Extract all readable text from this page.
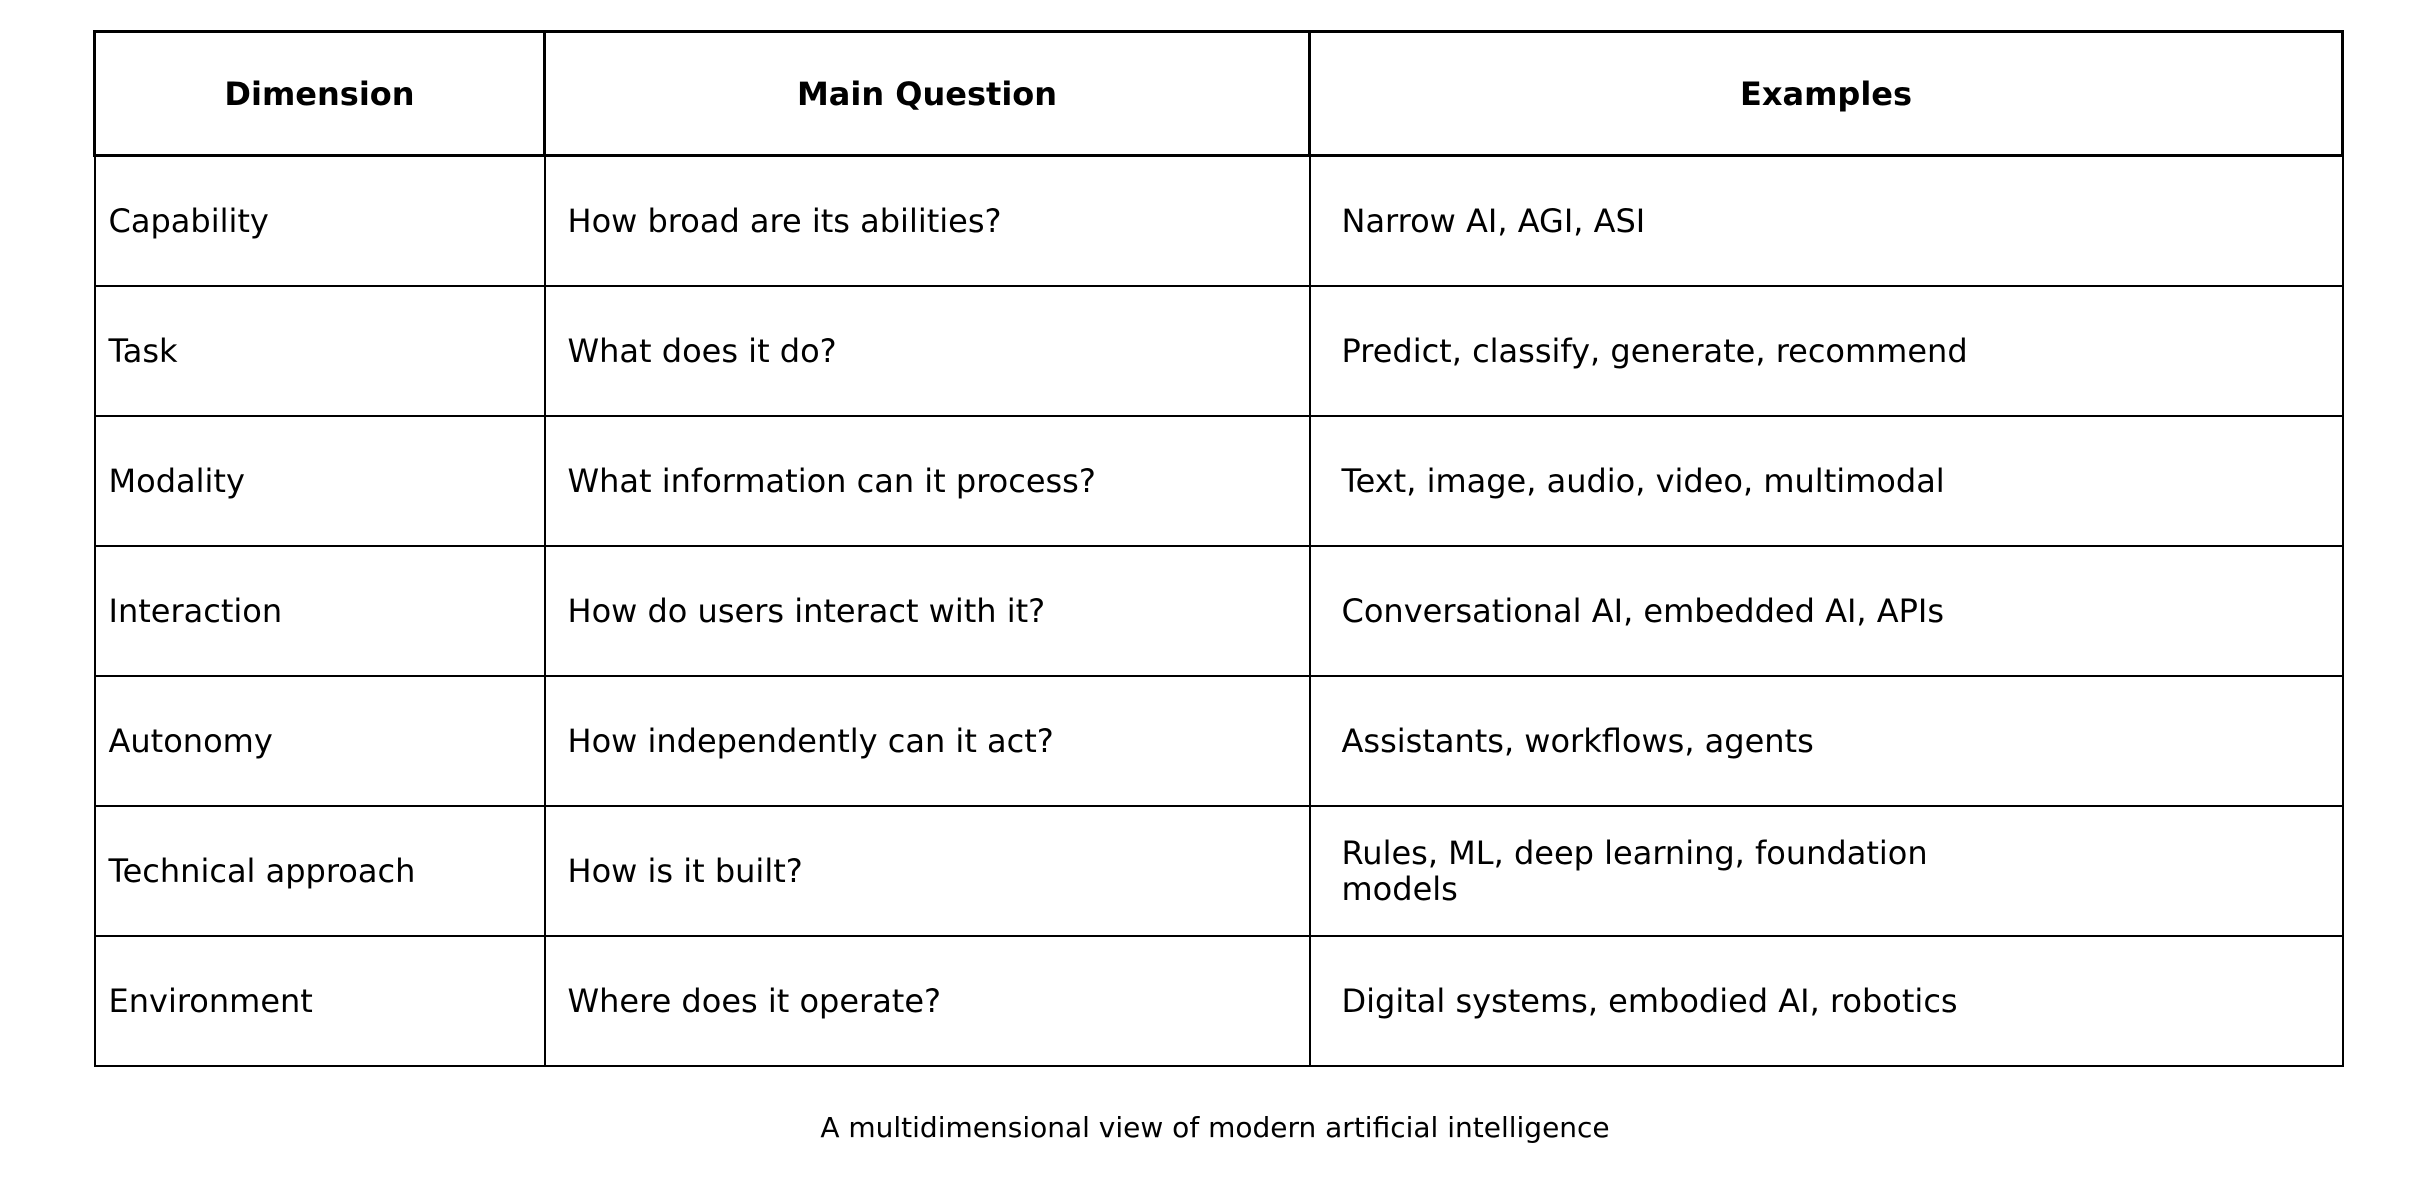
Dimension	Main Question	Examples
Capability	How broad are its abilities?	Narrow AI, AGI, ASI

Task	What does it do?	Predict, classify, generate, recommend

Modality	What information can it process?	Text, image, audio, video, multimodal

Interaction	How do users interact with it?	Conversational AI, embedded AI, APIs

Autonomy	How independently can it act?	Assistants, workflows, agents

Technical approach	How is it built?	Rules, ML, deep learning, foundation models

Environment	Where does it operate?	Digital systems, embodied AI, robotics
A multidimensional view of modern artificial intelligence
